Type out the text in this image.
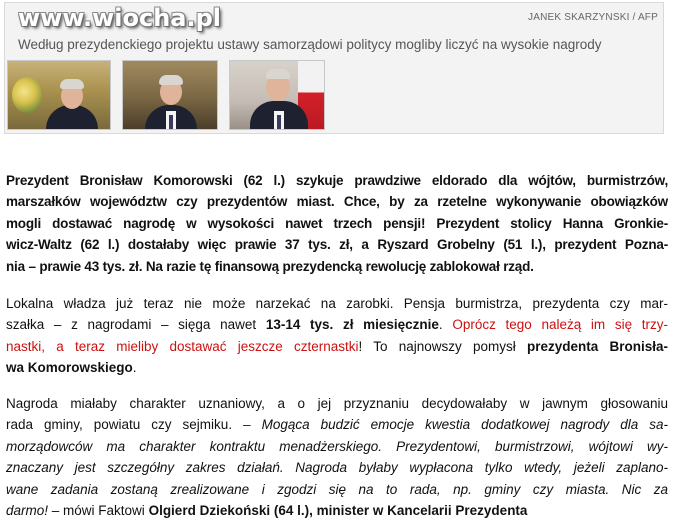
www.wiocha.pl	JANEK SKARZYNSKI / AFP
Według prezydenckiego projektu ustawy samorządowi politycy mogliby liczyć na wysokie nagrody
Prezydent Bronisław Komorowski (62 l.) szykuje prawdziwe eldorado dla wójtów, burmistrzów,
marszałków województw czy prezydentów miast. Chce, by za rzetelne wykonywanie obowiązków
mogli dostawać nagrodę w wysokości nawet trzech pensji! Prezydent stolicy Hanna Gronkie-
wicz-Waltz (62 l.) dostałaby więc prawie 37 tys. zł, a Ryszard Grobelny (51 l.), prezydent Pozna-
nia – prawie 43 tys. zł. Na razie tę finansową prezydencką rewolucję zablokował rząd.
Lokalna władza już teraz nie może narzekać na zarobki. Pensja burmistrza, prezydenta czy mar-
szałka – z nagrodami – sięga nawet 13-14 tys. zł miesięcznie. Oprócz tego należą im się trzy-
nastki, a teraz mieliby dostawać jeszcze czternastki! To najnowszy pomysł prezydenta Bronisła-
wa Komorowskiego.
Nagroda miałaby charakter uznaniowy, a o jej przyznaniu decydowałaby w jawnym głosowaniu
rada gminy, powiatu czy sejmiku. – Mogąca budzić emocje kwestia dodatkowej nagrody dla sa-
morządowców ma charakter kontraktu menadżerskiego. Prezydentowi, burmistrzowi, wójtowi wy-
znaczany jest szczegółny zakres działań. Nagroda byłaby wypłacona tylko wtedy, jeżeli zaplano-
wane zadania zostaną zrealizowane i zgodzi się na to rada, np. gminy czy miasta. Nic za
darmo! – mówi Faktowi Olgierd Dziekoński (64 l.), minister w Kancelarii Prezydenta
